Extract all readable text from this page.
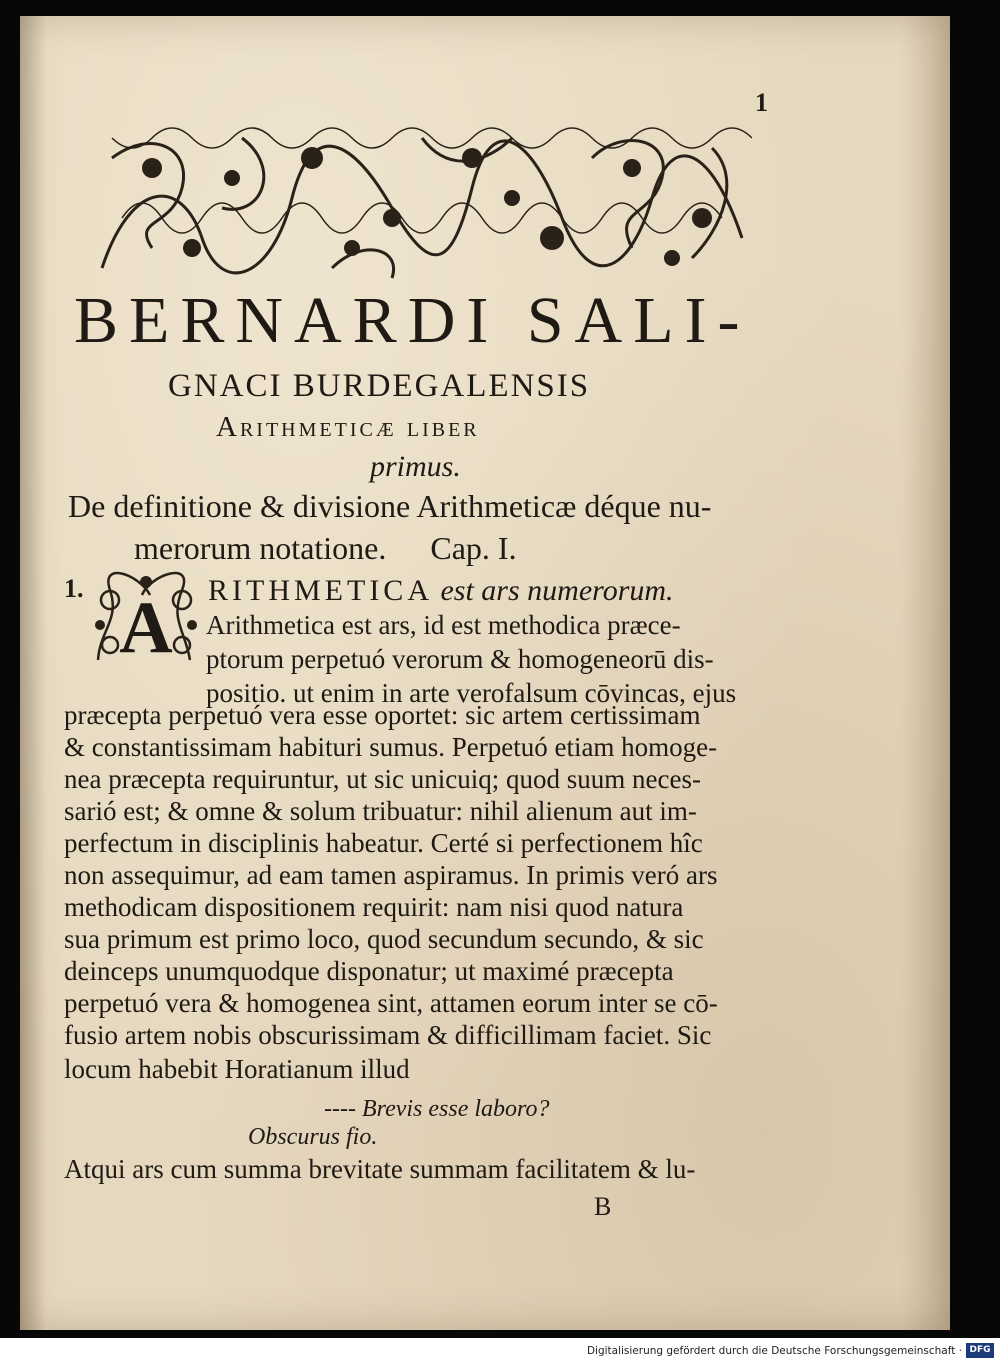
1
BERNARDI SALI-
GNACI BURDEGALENSIS
Arithmeticæ liber
primus.
De definitione & divisione Arithmeticæ déque nu-
merorum notatione. Cap. I.
1. A RITHMETICA est ars numerorum.
Arithmetica est ars, id est methodica præce-
ptorum perpetuó verorum & homogeneorū dis-
positio. ut enim in arte verofalsum cōvincas, ejus
præcepta perpetuó vera esse oportet: sic artem certissimam
& constantissimam habituri sumus. Perpetuó etiam homoge-
nea præcepta requiruntur, ut sic unicuiq; quod suum neces-
sarió est; & omne & solum tribuatur: nihil alienum aut im-
perfectum in disciplinis habeatur. Certé si perfectionem hîc
non assequimur, ad eam tamen aspiramus. In primis veró ars
methodicam dispositionem requirit: nam nisi quod natura
sua primum est primo loco, quod secundum secundo, & sic
deinceps unumquodque disponatur; ut maximé præcepta
perpetuó vera & homogenea sint, attamen eorum inter se cō-
fusio artem nobis obscurissimam & difficillimam faciet. Sic
locum habebit Horatianum illud
---- Brevis esse laboro?
Obscurus fio.
Atqui ars cum summa brevitate summam facilitatem & lu-
B
Digitalisierung gefördert durch die Deutsche Forschungsgemeinschaft · DFG
